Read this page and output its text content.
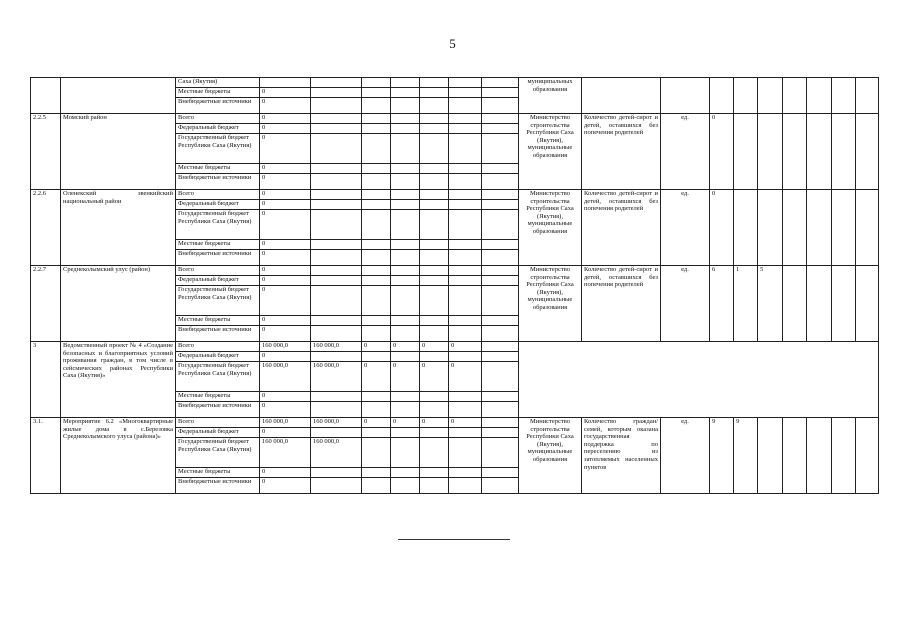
5
		Саха (Якутия)								муниципальных образования									
		Местные бюджеты	0																
		Внебюджетные источники	0																
2.2.5	Момский район	Всего	0							Министерство строительства Республики Саха (Якутия), муниципальные образования	Количество детей-сирот и детей, оставшихся без попечения родителей	ед.	0						
		Федеральный бюджет	0																
		Государственный бюджет Республики Саха (Якутия)	0																
		Местные бюджеты	0																
		Внебюджетные источники	0																
2.2.6	Оленекский эвенкийский национальный район	Всего	0							Министерство строительства Республики Саха (Якутия), муниципальные образования	Количество детей-сирот и детей, оставшихся без попечения родителей	ед.	0						
		Федеральный бюджет	0																
		Государственный бюджет Республики Саха (Якутия)	0																
		Местные бюджеты	0																
		Внебюджетные источники	0																
2.2.7	Среднеколымский улус (район)	Всего	0							Министерство строительства Республики Саха (Якутия), муниципальные образования	Количество детей-сирот и детей, оставшихся без попечения родителей	ед.	6	1	5				
		Федеральный бюджет	0																
		Государственный бюджет Республики Саха (Якутия)	0																
		Местные бюджеты	0																
		Внебюджетные источники	0																
3	Ведомственный проект № 4 «Создание безопасных и благоприятных условий проживания граждан, в том числе в сейсмических районах Республики Саха (Якутия)»	Всего	160 000,0	160 000,0	0	0	0	0											
		Федеральный бюджет	0																
		Государственный бюджет Республики Саха (Якутия)	160 000,0	160 000,0	0	0	0	0											
		Местные бюджеты	0																
		Внебюджетные источники	0																
3.1.	Мероприятие 6.2 «Многоквартирные жилые дома в с.Березовка Среднеколымского улуса (района)»	Всего	160 000,0	160 000,0	0	0	0	0		Министерство строительства Республики Саха (Якутия), муниципальные образования	Количество граждан/семей, которым оказана государственная поддержка по переселению из затопляемых населенных пунктов	ед.	9	9					
		Федеральный бюджет	0																
		Государственный бюджет Республики Саха (Якутия)	160 000,0	160 000,0															
		Местные бюджеты	0																
		Внебюджетные источники	0																
